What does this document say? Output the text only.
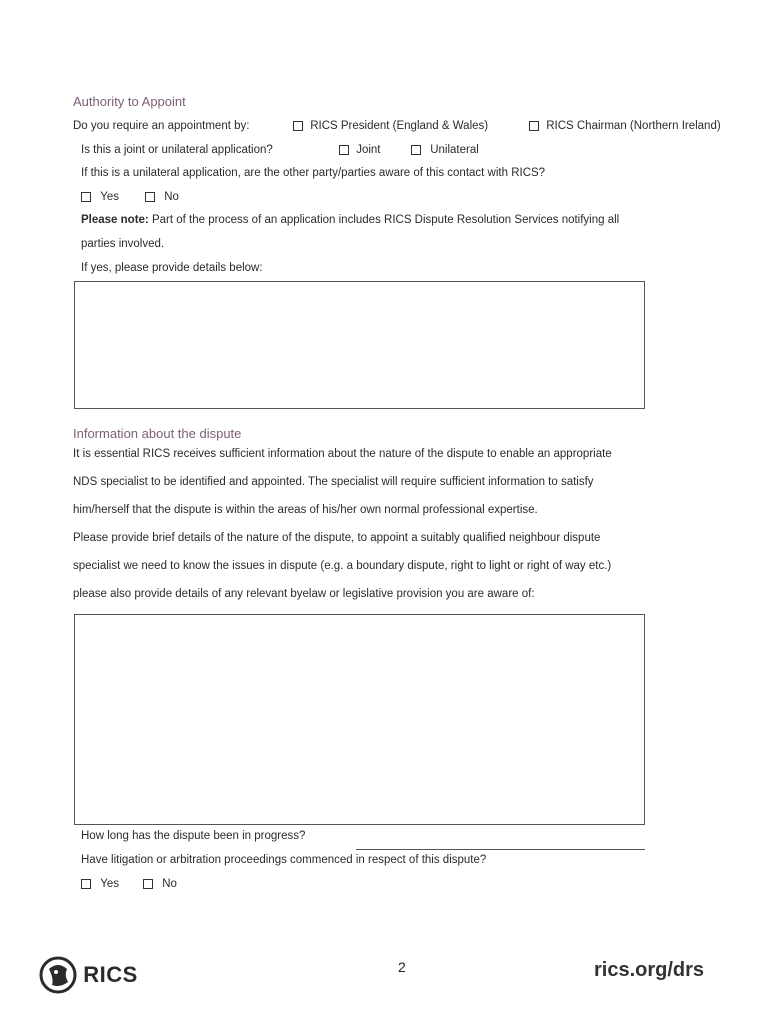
Authority to Appoint
Do you require an appointment by:	RICS President (England & Wales)	RICS Chairman (Northern Ireland)
Is this a joint or unilateral application?	Joint	Unilateral
If this is a unilateral application, are the other party/parties aware of this contact with RICS?
Yes	No
Please note: Part of the process of an application includes RICS Dispute Resolution Services notifying all
parties involved.
If yes, please provide details below:
Information about the dispute
It is essential RICS receives sufficient information about the nature of the dispute to enable an appropriate
NDS specialist to be identified and appointed. The specialist will require sufficient information to satisfy
him/herself that the dispute is within the areas of his/her own normal professional expertise.
Please provide brief details of the nature of the dispute, to appoint a suitably qualified neighbour dispute
specialist we need to know the issues in dispute (e.g. a boundary dispute, right to light or right of way etc.)
please also provide details of any relevant byelaw or legislative provision you are aware of:
How long has the dispute been in progress?
Have litigation or arbitration proceedings commenced in respect of this dispute?
Yes	No
RICS	2	rics.org/drs
